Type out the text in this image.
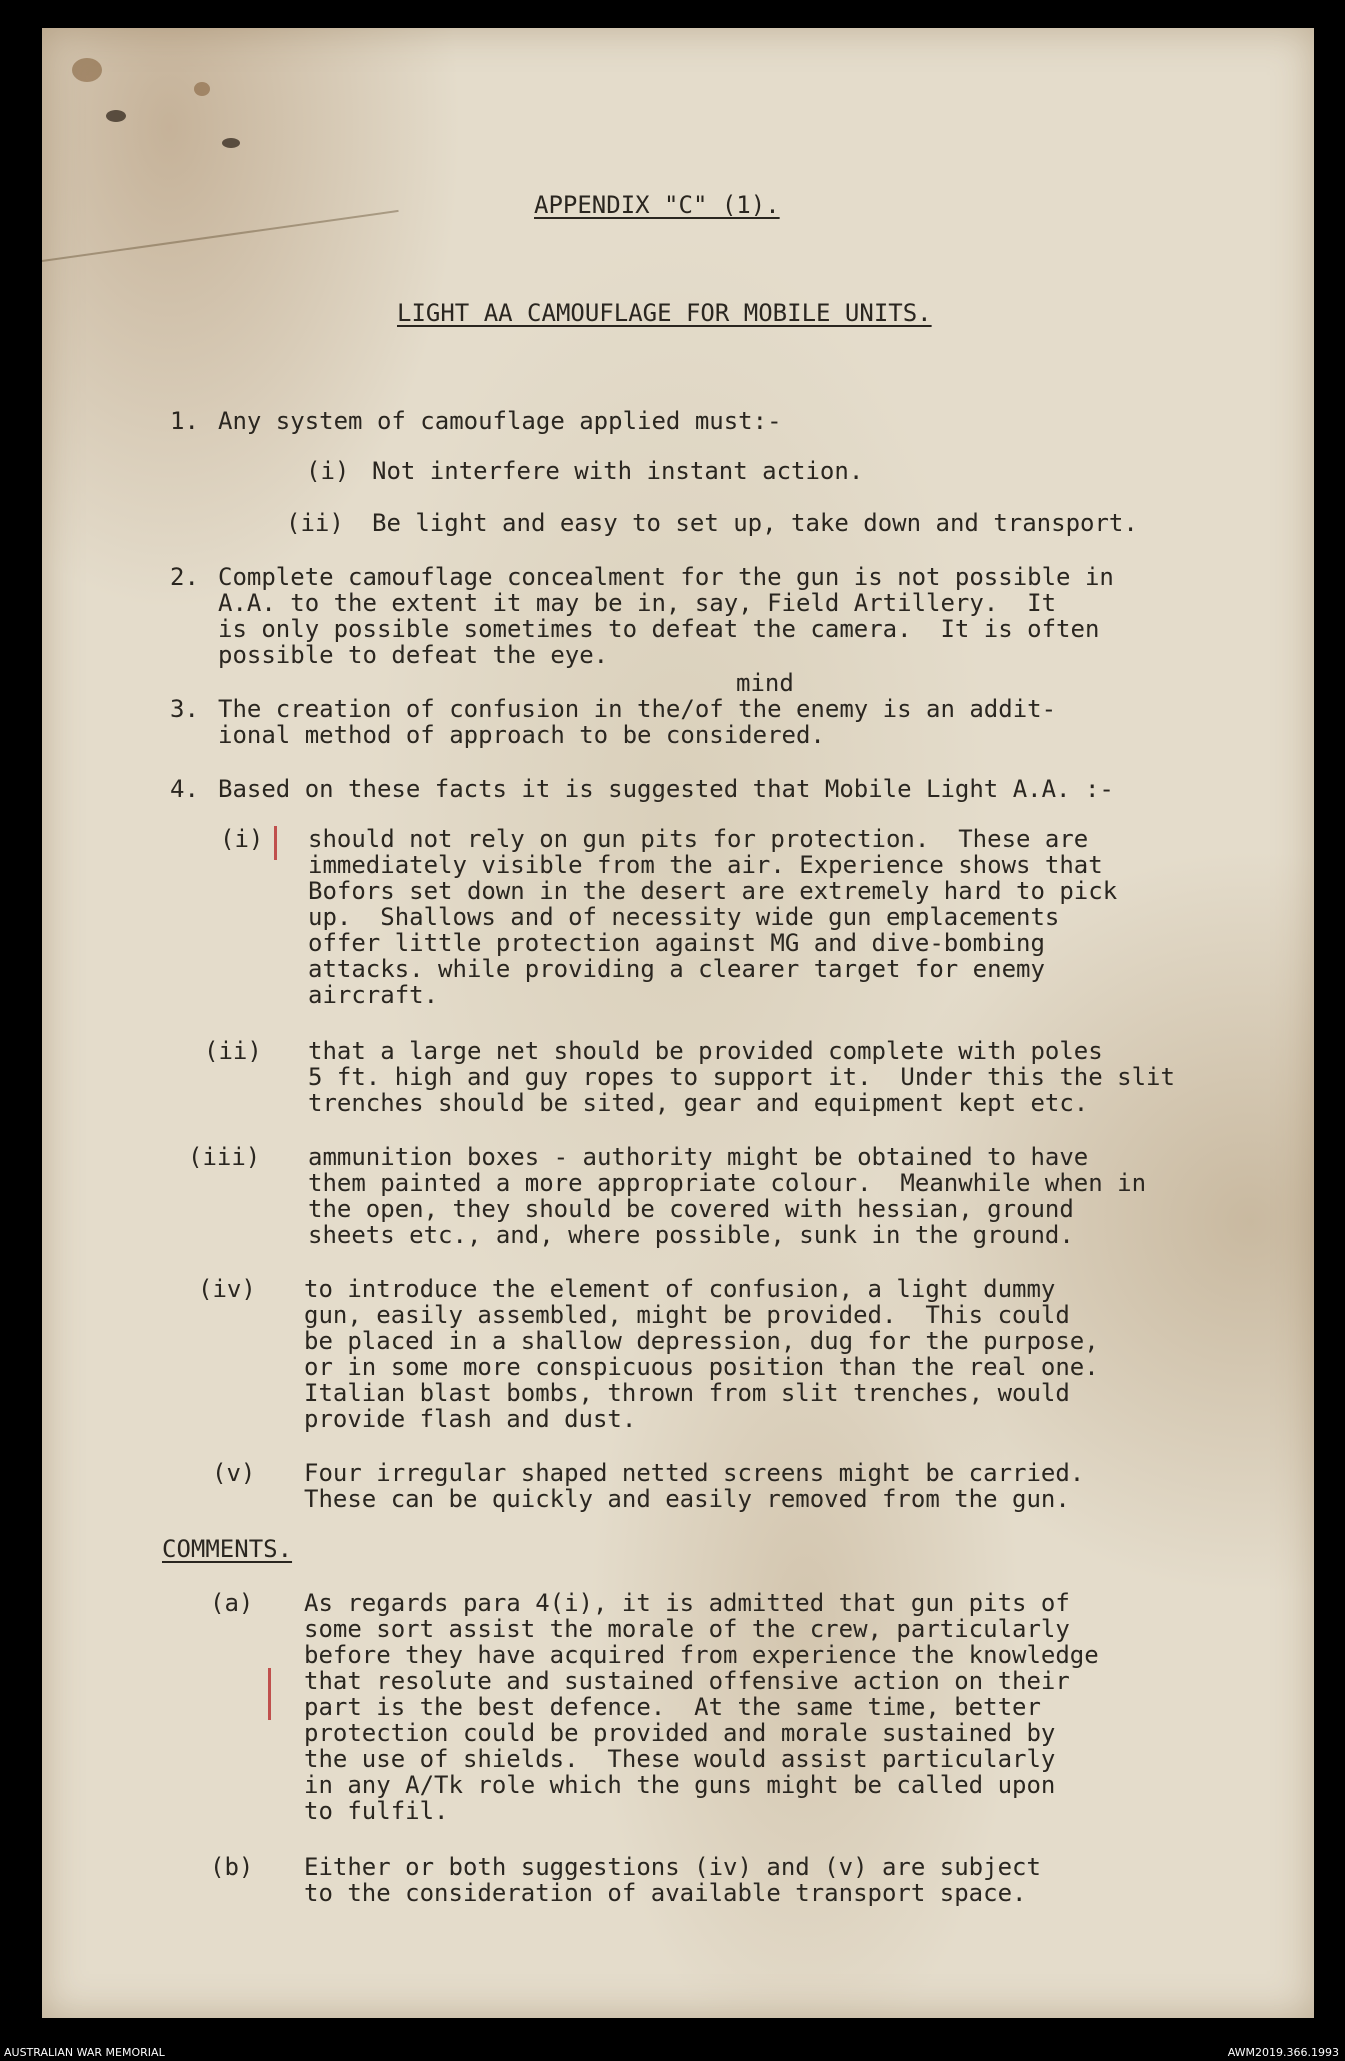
APPENDIX "C" (1).
LIGHT AA CAMOUFLAGE FOR MOBILE UNITS.
1. Any system of camouflage applied must:-
(i) Not interfere with instant action.
(ii) Be light and easy to set up, take down and transport.
2. Complete camouflage concealment for the gun is not possible in
A.A. to the extent it may be in, say, Field Artillery.  It
is only possible sometimes to defeat the camera.  It is often
possible to defeat the eye.
mind
3. The creation of confusion in the/of the enemy is an addit-
ional method of approach to be considered.
4. Based on these facts it is suggested that Mobile Light A.A. :-
(i) should not rely on gun pits for protection.  These are
immediately visible from the air. Experience shows that
Bofors set down in the desert are extremely hard to pick
up.  Shallows and of necessity wide gun emplacements
offer little protection against MG and dive-bombing
attacks. while providing a clearer target for enemy
aircraft.
(ii) that a large net should be provided complete with poles
5 ft. high and guy ropes to support it.  Under this the slit
trenches should be sited, gear and equipment kept etc.
(iii) ammunition boxes - authority might be obtained to have
them painted a more appropriate colour.  Meanwhile when in
the open, they should be covered with hessian, ground
sheets etc., and, where possible, sunk in the ground.
(iv) to introduce the element of confusion, a light dummy
gun, easily assembled, might be provided.  This could
be placed in a shallow depression, dug for the purpose,
or in some more conspicuous position than the real one.
Italian blast bombs, thrown from slit trenches, would
provide flash and dust.
(v) Four irregular shaped netted screens might be carried.
These can be quickly and easily removed from the gun.
COMMENTS.
(a) As regards para 4(i), it is admitted that gun pits of
some sort assist the morale of the crew, particularly
before they have acquired from experience the knowledge
that resolute and sustained offensive action on their
part is the best defence.  At the same time, better
protection could be provided and morale sustained by
the use of shields.  These would assist particularly
in any A/Tk role which the guns might be called upon
to fulfil.
(b) Either or both suggestions (iv) and (v) are subject
to the consideration of available transport space.
AUSTRALIAN WAR MEMORIAL	AWM2019.366.1993
